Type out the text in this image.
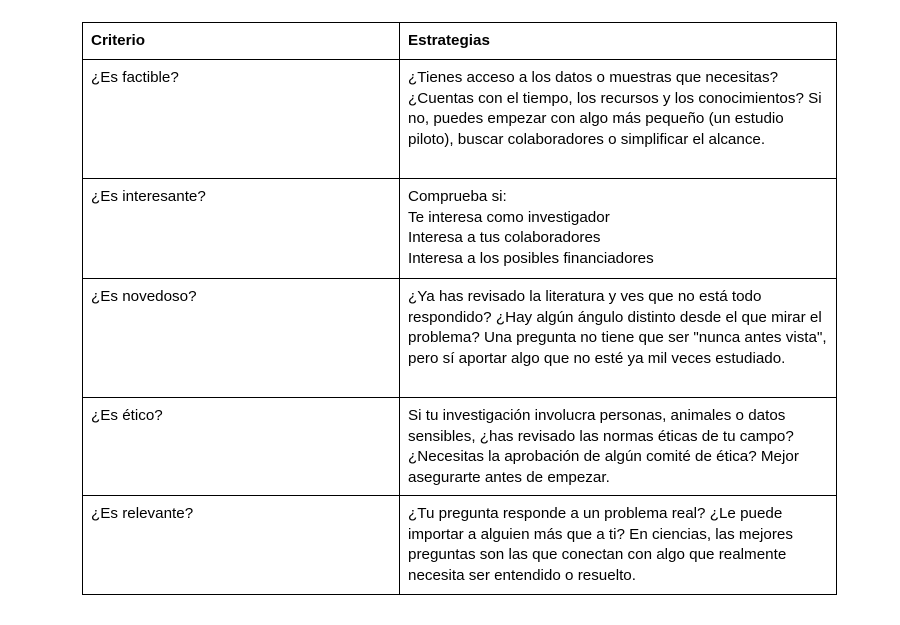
Criterio	Estrategias
¿Es factible?	¿Tienes acceso a los datos o muestras que necesitas? ¿Cuentas con el tiempo, los recursos y los conocimientos? Si no, puedes empezar con algo más pequeño (un estudio piloto), buscar colaboradores o simplificar el alcance.
¿Es interesante?	Comprueba si:
Te interesa como investigador
Interesa a tus colaboradores
Interesa a los posibles financiadores

¿Es novedoso?	¿Ya has revisado la literatura y ves que no está todo respondido? ¿Hay algún ángulo distinto desde el que mirar el problema? Una pregunta no tiene que ser "nunca antes vista", pero sí aportar algo que no esté ya mil veces estudiado.
¿Es ético?	Si tu investigación involucra personas, animales o datos sensibles, ¿has revisado las normas éticas de tu campo? ¿Necesitas la aprobación de algún comité de ética? Mejor asegurarte antes de empezar.
¿Es relevante?	¿Tu pregunta responde a un problema real? ¿Le puede importar a alguien más que a ti? En ciencias, las mejores preguntas son las que conectan con algo que realmente necesita ser entendido o resuelto.
